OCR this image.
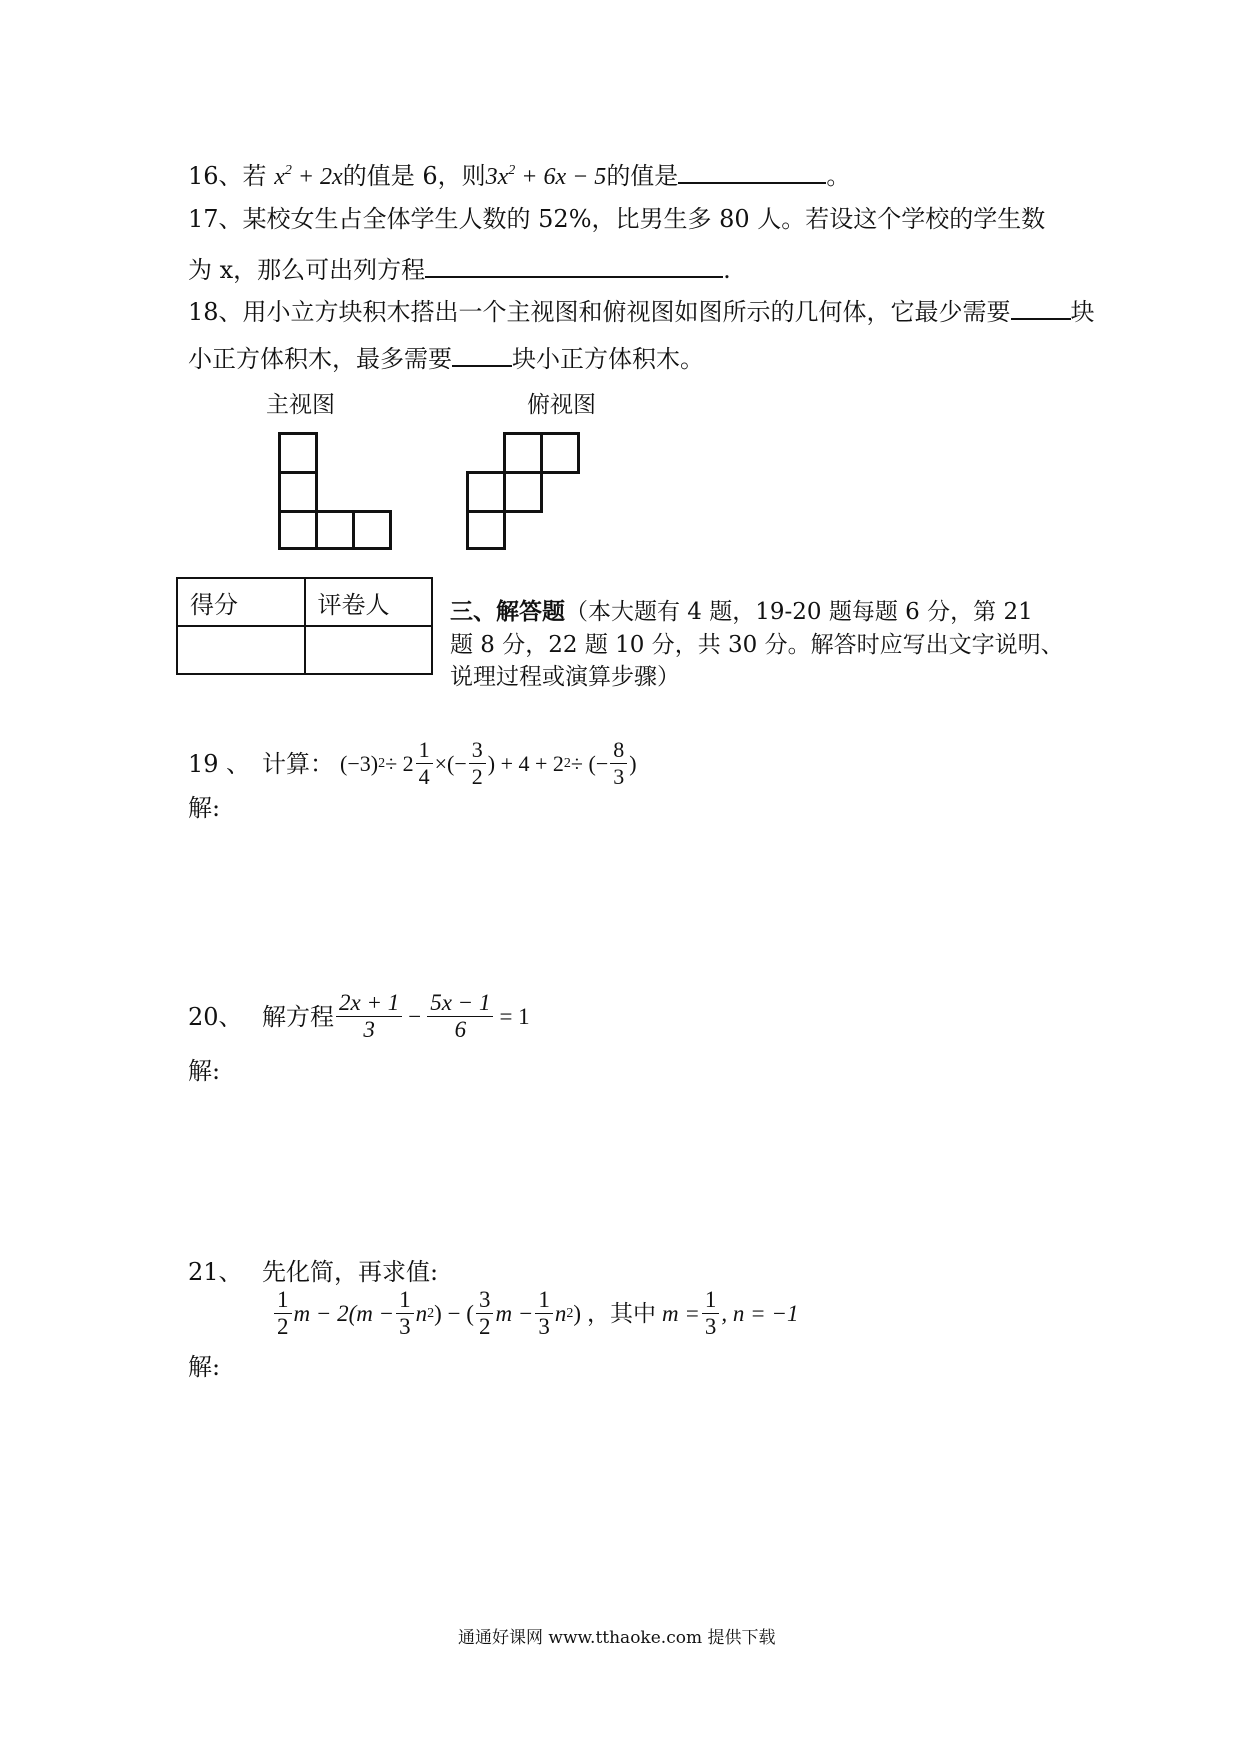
16、若 $x^2 + 2x$的值是 6，则$3x^2 + 6x - 5$的值是	。
17、某校女生占全体学生人数的 52%，比男生多 80 人。若设这个学校的学生数
为 x，那么可出列方程	.
18、用小立方块积木搭出一个主视图和俯视图如图所示的几何体，它最少需要	块
小正方体积木，最多需要	块小正方体积木。
主视图	俯视图
得分	评卷人
		三、解答题（本大题有 4 题，19-20 题每题 6 分，第 21
题 8 分，22 题 10 分，共 30 分。解答时应写出文字说明、
说理过程或演算步骤）
19 、 计算： (−3) $2 \div 2 \frac{1}{4}$ ×(− $\frac{3}{2}$ ) + 4 + 2 2 ÷ (− $\frac{8}{3}$ )
解:
20、 解方程 $\frac{2x + 1}{3} - \frac{5x - 1}{6} = 1$
解:
21、 先化简，再求值:
$\frac{1}{2}$ $m - 2(m - \frac{1}{3}$ n 2 ) − ( $\frac{3}{2}$ $m - \frac{1}{3}$ n 2 ) ，其中 $m = \frac{1}{3}$ , n = −1
解:
通通好课网 www.tthaoke.com 提供下载
